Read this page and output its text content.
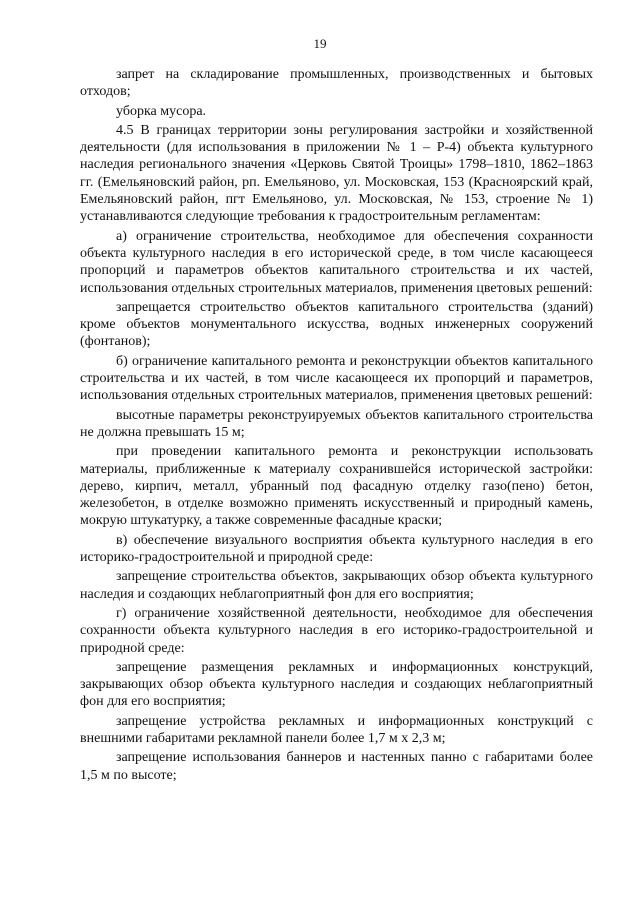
19

запрет на складирование промышленных, производственных и бытовых отходов;

уборка мусора.

4.5 В границах территории зоны регулирования застройки и хозяйственной деятельности (для использования в приложении № 1 – Р-4) объекта культурного наследия регионального значения «Церковь Святой Троицы» 1798–1810, 1862–1863 гг. (Емельяновский район, рп. Емельяново, ул. Московская, 153 (Красноярский край, Емельяновский район, пгт Емельяново, ул. Московская, № 153, строение № 1) устанавливаются следующие требования к градостроительным регламентам:

а) ограничение строительства, необходимое для обеспечения сохранности объекта культурного наследия в его исторической среде, в том числе касающееся пропорций и параметров объектов капитального строительства и их частей, использования отдельных строительных материалов, применения цветовых решений:

запрещается строительство объектов капитального строительства (зданий) кроме объектов монументального искусства, водных инженерных сооружений (фонтанов);

б) ограничение капитального ремонта и реконструкции объектов капитального строительства и их частей, в том числе касающееся их пропорций и параметров, использования отдельных строительных материалов, применения цветовых решений:

высотные параметры реконструируемых объектов капитального строительства не должна превышать 15 м;

при проведении капитального ремонта и реконструкции использовать материалы, приближенные к материалу сохранившейся исторической застройки: дерево, кирпич, металл, убранный под фасадную отделку газо(пено) бетон, железобетон, в отделке возможно применять искусственный и природный камень, мокрую штукатурку, а также современные фасадные краски;

в) обеспечение визуального восприятия объекта культурного наследия в его историко-градостроительной и природной среде:

запрещение строительства объектов, закрывающих обзор объекта культурного наследия и создающих неблагоприятный фон для его восприятия;

г) ограничение хозяйственной деятельности, необходимое для обеспечения сохранности объекта культурного наследия в его историко-градостроительной и природной среде:

запрещение размещения рекламных и информационных конструкций, закрывающих обзор объекта культурного наследия и создающих неблагоприятный фон для его восприятия;

запрещение устройства рекламных и информационных конструкций с внешними габаритами рекламной панели более 1,7 м х 2,3 м;

запрещение использования баннеров и настенных панно с габаритами более 1,5 м по высоте;
